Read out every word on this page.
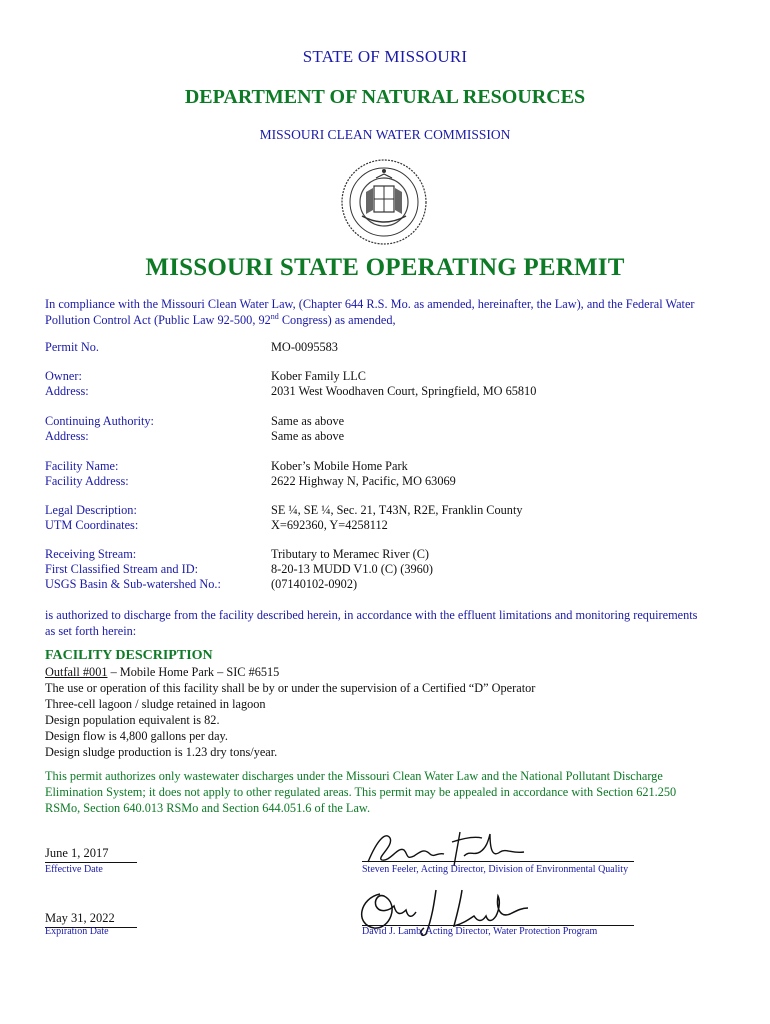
STATE OF MISSOURI
DEPARTMENT OF NATURAL RESOURCES
MISSOURI CLEAN WATER COMMISSION
MISSOURI STATE OPERATING PERMIT
In compliance with the Missouri Clean Water Law, (Chapter 644 R.S. Mo. as amended, hereinafter, the Law), and the Federal Water
Pollution Control Act (Public Law 92-500, 92nd Congress) as amended,
Permit No.	MO-0095583
Owner:	Kober Family LLC
Address:	2031 West Woodhaven Court, Springfield, MO 65810
Continuing Authority:	Same as above
Address:	Same as above
Facility Name:	Kober’s Mobile Home Park
Facility Address:	2622 Highway N, Pacific, MO 63069
Legal Description:	SE ¼, SE ¼, Sec. 21, T43N, R2E, Franklin County
UTM Coordinates:	X=692360, Y=4258112
Receiving Stream:	Tributary to Meramec River (C)
First Classified Stream and ID:	8-20-13 MUDD V1.0 (C) (3960)
USGS Basin & Sub-watershed No.:	(07140102-0902)
is authorized to discharge from the facility described herein, in accordance with the effluent limitations and monitoring requirements
as set forth herein:
FACILITY DESCRIPTION
Outfall #001 – Mobile Home Park – SIC #6515
The use or operation of this facility shall be by or under the supervision of a Certified “D” Operator
Three-cell lagoon / sludge retained in lagoon
Design population equivalent is 82.
Design flow is 4,800 gallons per day.
Design sludge production is 1.23 dry tons/year.
This permit authorizes only wastewater discharges under the Missouri Clean Water Law and the National Pollutant Discharge
Elimination System; it does not apply to other regulated areas. This permit may be appealed in accordance with Section 621.250
RSMo, Section 640.013 RSMo and Section 644.051.6 of the Law.
June 1, 2017
Effective Date	Steven Feeler, Acting Director, Division of Environmental Quality
May 31, 2022
Expiration Date	David J. Lamb, Acting Director, Water Protection Program
